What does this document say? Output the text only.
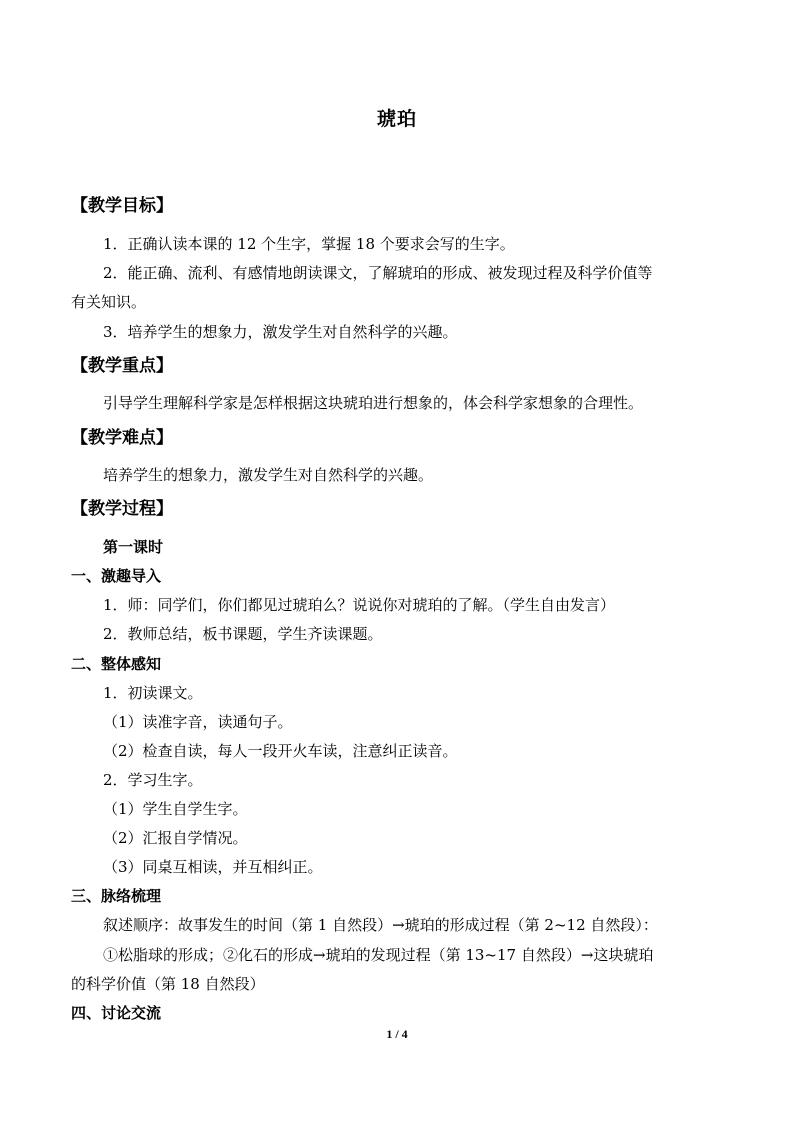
琥珀
【教学目标】
1．正确认读本课的 12 个生字，掌握 18 个要求会写的生字。
2．能正确、流利、有感情地朗读课文，了解琥珀的形成、被发现过程及科学价值等
有关知识。
3．培养学生的想象力，激发学生对自然科学的兴趣。
【教学重点】
引导学生理解科学家是怎样根据这块琥珀进行想象的，体会科学家想象的合理性。
【教学难点】
培养学生的想象力，激发学生对自然科学的兴趣。
【教学过程】
第一课时
一、激趣导入
1．师：同学们，你们都见过琥珀么？说说你对琥珀的了解。（学生自由发言）
2．教师总结，板书课题，学生齐读课题。
二、整体感知
1．初读课文。
（1）读准字音，读通句子。
（2）检查自读，每人一段开火车读，注意纠正读音。
2．学习生字。
（1）学生自学生字。
（2）汇报自学情况。
（3）同桌互相读，并互相纠正。
三、脉络梳理
叙述顺序：故事发生的时间（第 1 自然段）→琥珀的形成过程（第 2~12 自然段）：
①松脂球的形成；②化石的形成→琥珀的发现过程（第 13~17 自然段）→这块琥珀
的科学价值（第 18 自然段）
四、讨论交流
1 / 4
